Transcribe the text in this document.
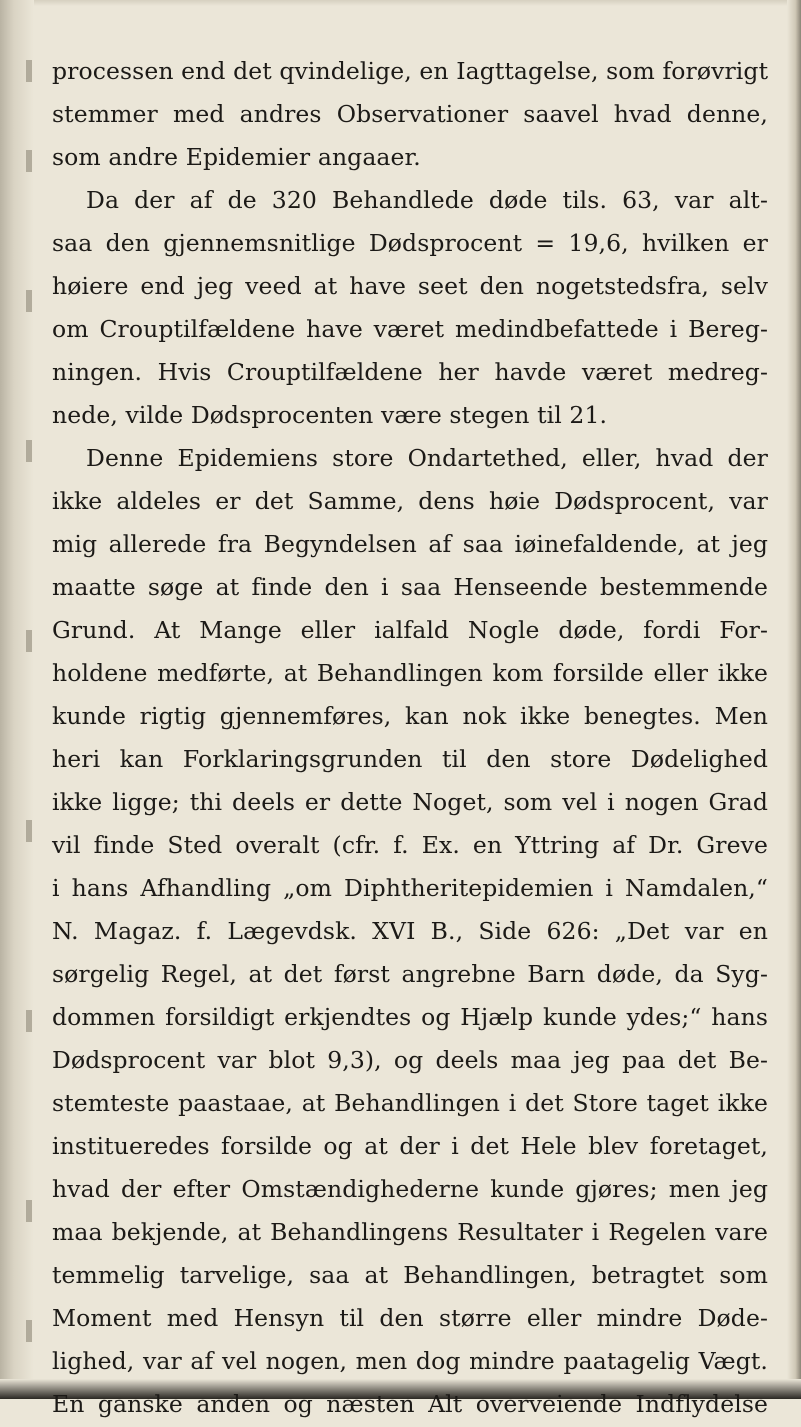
processen end det qvindelige, en Iagttagelse, som forøvrigt
stemmer med andres Observationer saavel hvad denne,
som andre Epidemier angaaer.
Da der af de 320 Behandlede døde tils. 63, var alt-
saa den gjennemsnitlige Dødsprocent = 19,6, hvilken er
høiere end jeg veed at have seet den nogetstedsfra, selv
om Crouptilfældene have været medindbefattede i Bereg-
ningen. Hvis Crouptilfældene her havde været medreg-
nede, vilde Dødsprocenten være stegen til 21.
Denne Epidemiens store Ondartethed, eller, hvad der
ikke aldeles er det Samme, dens høie Dødsprocent, var
mig allerede fra Begyndelsen af saa iøinefaldende, at jeg
maatte søge at finde den i saa Henseende bestemmende
Grund. At Mange eller ialfald Nogle døde, fordi For-
holdene medførte, at Behandlingen kom forsilde eller ikke
kunde rigtig gjennemføres, kan nok ikke benegtes. Men
heri kan Forklaringsgrunden til den store Dødelighed
ikke ligge; thi deels er dette Noget, som vel i nogen Grad
vil finde Sted overalt (cfr. f. Ex. en Yttring af Dr. Greve
i hans Afhandling „om Diphtheritepidemien i Namdalen,“
N. Magaz. f. Lægevdsk. XVI B., Side 626: „Det var en
sørgelig Regel, at det først angrebne Barn døde, da Syg-
dommen forsildigt erkjendtes og Hjælp kunde ydes;“ hans
Dødsprocent var blot 9,3), og deels maa jeg paa det Be-
stemteste paastaae, at Behandlingen i det Store taget ikke
institueredes forsilde og at der i det Hele blev foretaget,
hvad der efter Omstændighederne kunde gjøres; men jeg
maa bekjende, at Behandlingens Resultater i Regelen vare
temmelig tarvelige, saa at Behandlingen, betragtet som
Moment med Hensyn til den større eller mindre Døde-
lighed, var af vel nogen, men dog mindre paatagelig Vægt.
En ganske anden og næsten Alt overveiende Indflydelse
